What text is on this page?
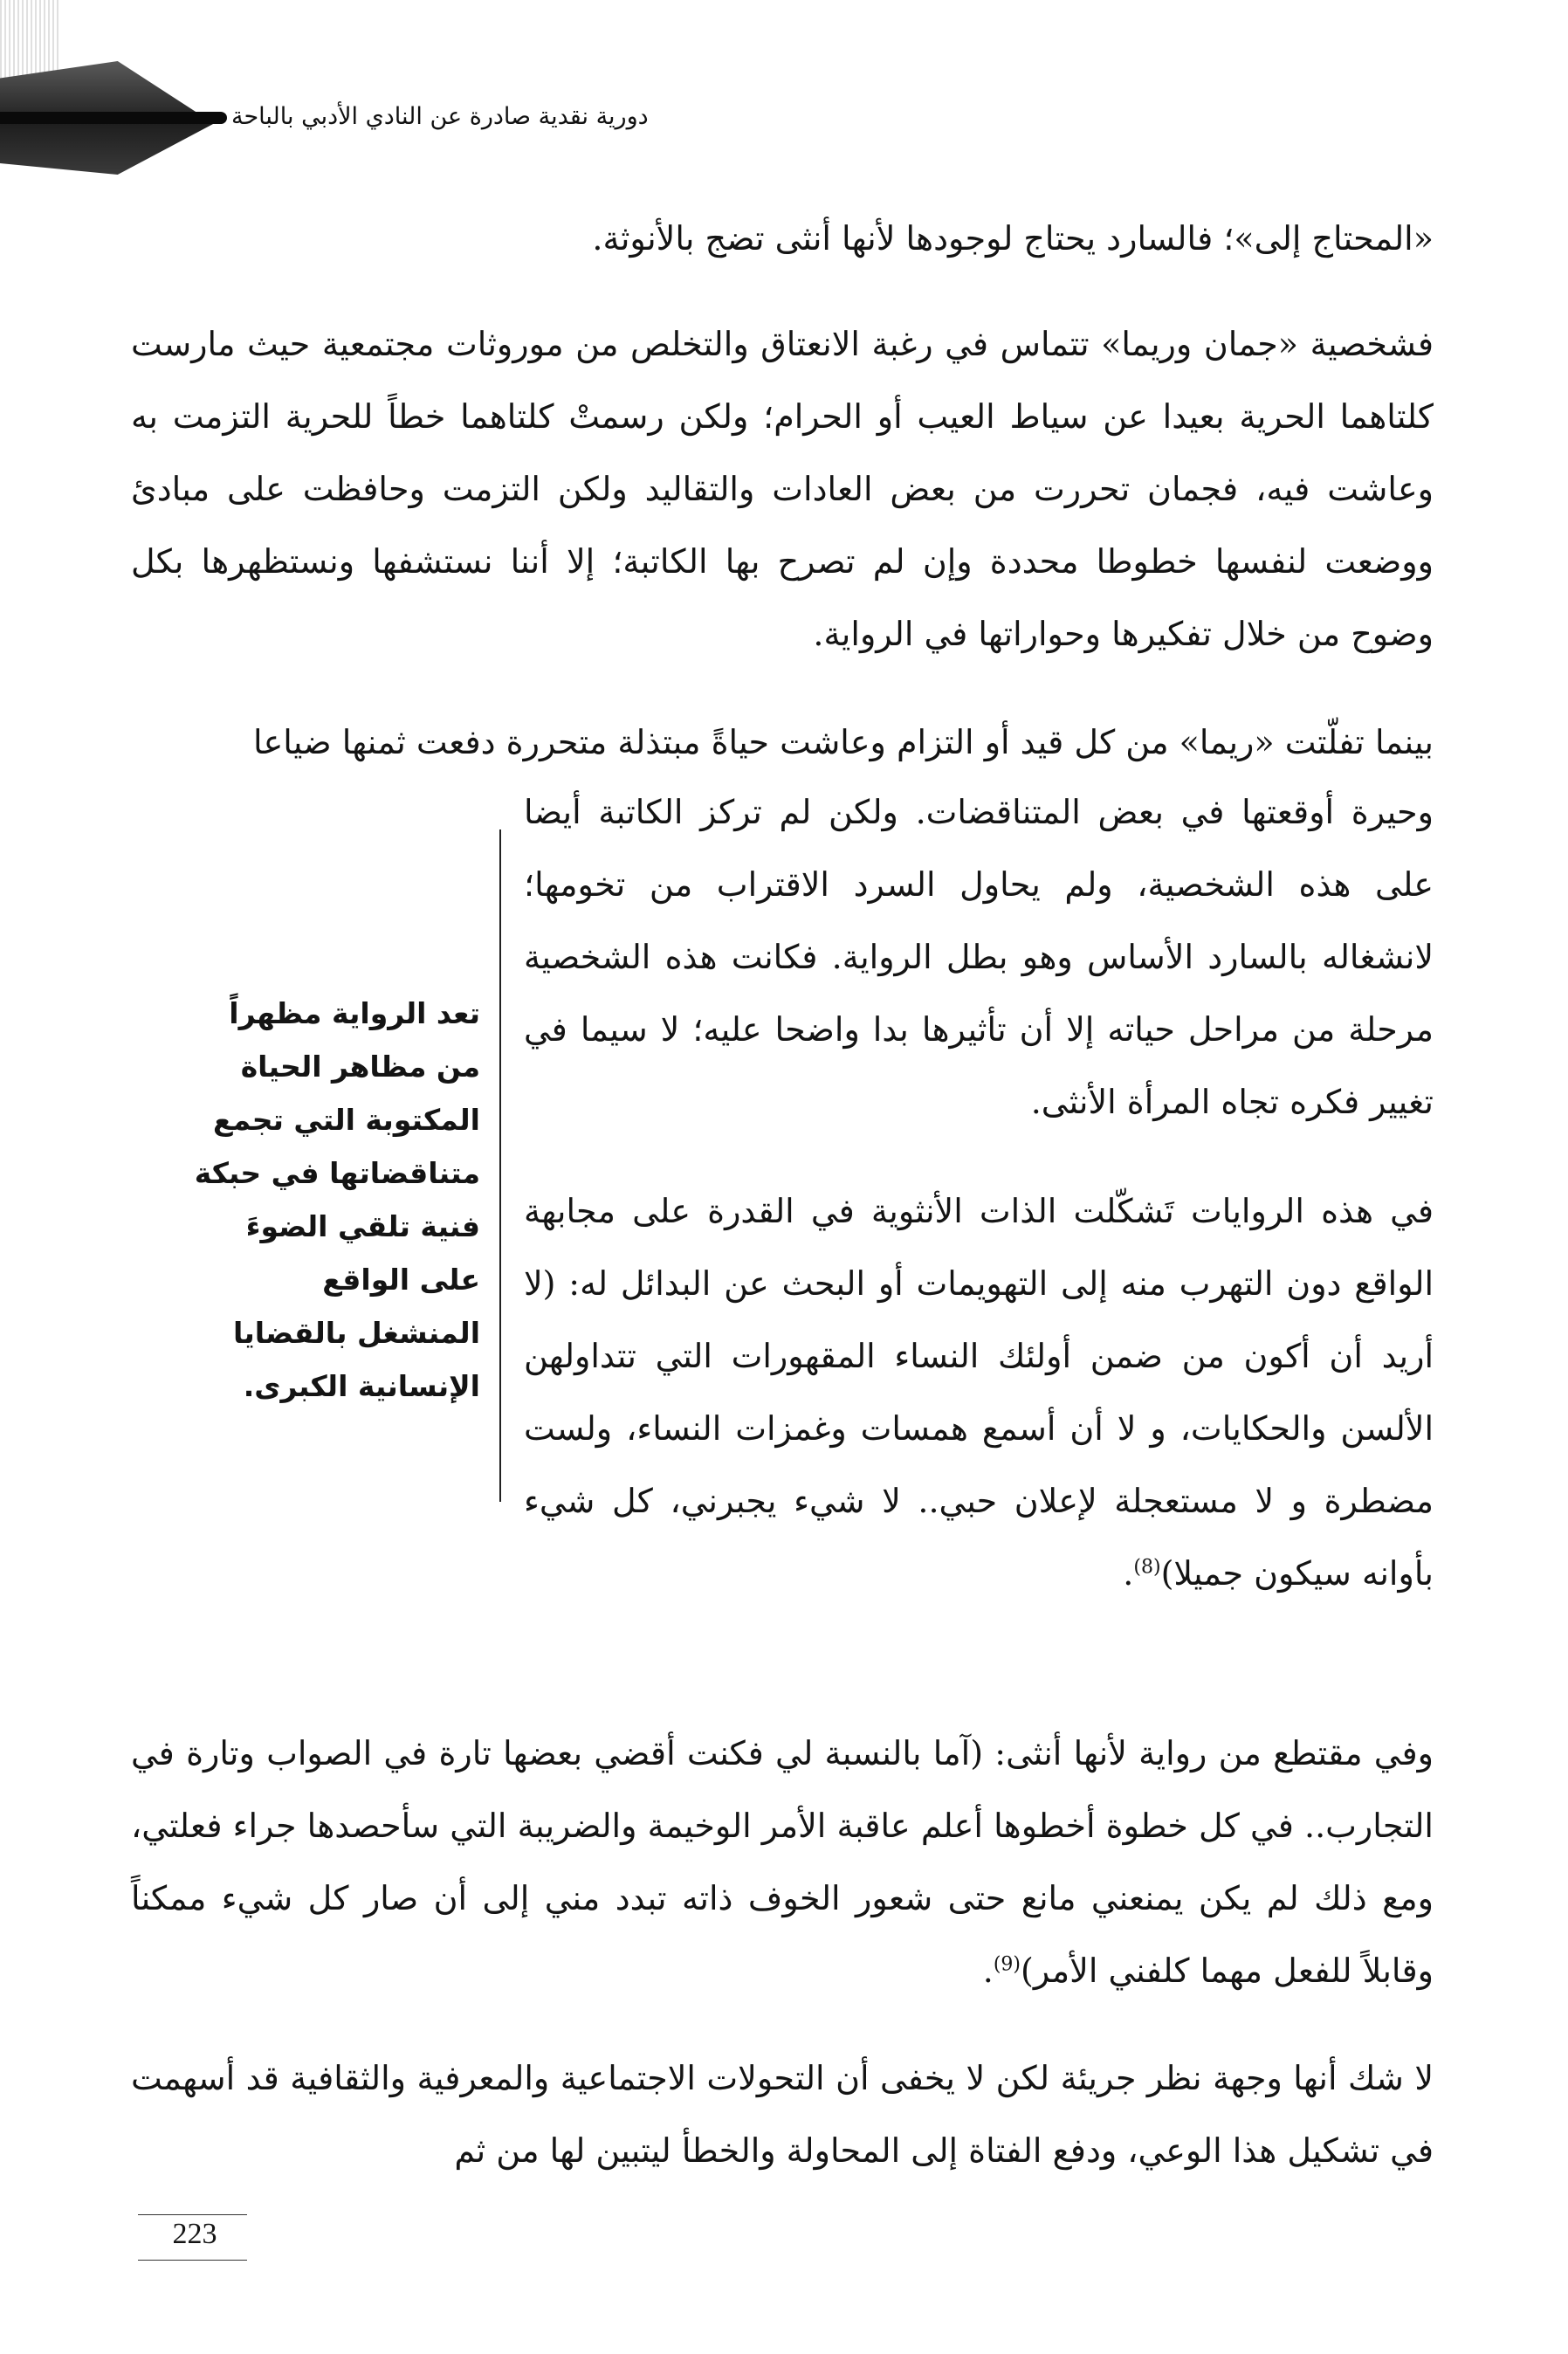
دورية نقدية صادرة عن النادي الأدبي بالباحة

«المحتاج إلى»؛ فالسارد يحتاج لوجودها لأنها أنثى تضج بالأنوثة.

فشخصية «جمان وريما» تتماس في رغبة الانعتاق والتخلص من موروثات مجتمعية حيث مارست كلتاهما الحرية بعيدا عن سياط العيب أو الحرام؛ ولكن رسمتْ كلتاهما خطاً للحرية التزمت به وعاشت فيه، فجمان تحررت من بعض العادات والتقاليد ولكن التزمت وحافظت على مبادئ ووضعت لنفسها خطوطا محددة وإن لم تصرح بها الكاتبة؛ إلا أننا نستشفها ونستظهرها بكل وضوح من خلال تفكيرها وحواراتها في الرواية.

بينما تفلّتت «ريما» من كل قيد أو التزام وعاشت حياةً مبتذلة متحررة دفعت ثمنها ضياعا

وحيرة أوقعتها في بعض المتناقضات. ولكن لم تركز الكاتبة أيضا على هذه الشخصية، ولم يحاول السرد الاقتراب من تخومها؛ لانشغاله بالسارد الأساس وهو بطل الرواية. فكانت هذه الشخصية مرحلة من مراحل حياته إلا أن تأثيرها بدا واضحا عليه؛ لا سيما في تغيير فكره تجاه المرأة الأنثى.

في هذه الروايات تَشكّلت الذات الأنثوية في القدرة على مجابهة الواقع دون التهرب منه إلى التهويمات أو البحث عن البدائل له: (لا أريد أن أكون من ضمن أولئك النساء المقهورات التي تتداولهن الألسن والحكايات، و لا أن أسمع همسات وغمزات النساء، ولست مضطرة و لا مستعجلة لإعلان حبي.. لا شيء يجبرني، كل شيء بأوانه سيكون جميلا)$^{(8)}$.

وفي مقتطع من رواية لأنها أنثى: (آما بالنسبة لي فكنت أقضي بعضها تارة في الصواب وتارة في التجارب.. في كل خطوة أخطوها أعلم عاقبة الأمر الوخيمة والضريبة التي سأحصدها جراء فعلتي، ومع ذلك لم يكن يمنعني مانع حتى شعور الخوف ذاته تبدد مني إلى أن صار كل شيء ممكناً وقابلاً للفعل مهما كلفني الأمر)$^{(9)}$.

لا شك أنها وجهة نظر جريئة لكن لا يخفى أن التحولات الاجتماعية والمعرفية والثقافية قد أسهمت في تشكيل هذا الوعي، ودفع الفتاة إلى المحاولة والخطأ ليتبين لها من ثم

تعد الرواية مظهراً من مظاهر الحياة المكتوبة التي تجمع متناقضاتها في حبكة فنية تلقي الضوءَ على الواقع المنشغل بالقضايا الإنسانية الكبرى.

223
